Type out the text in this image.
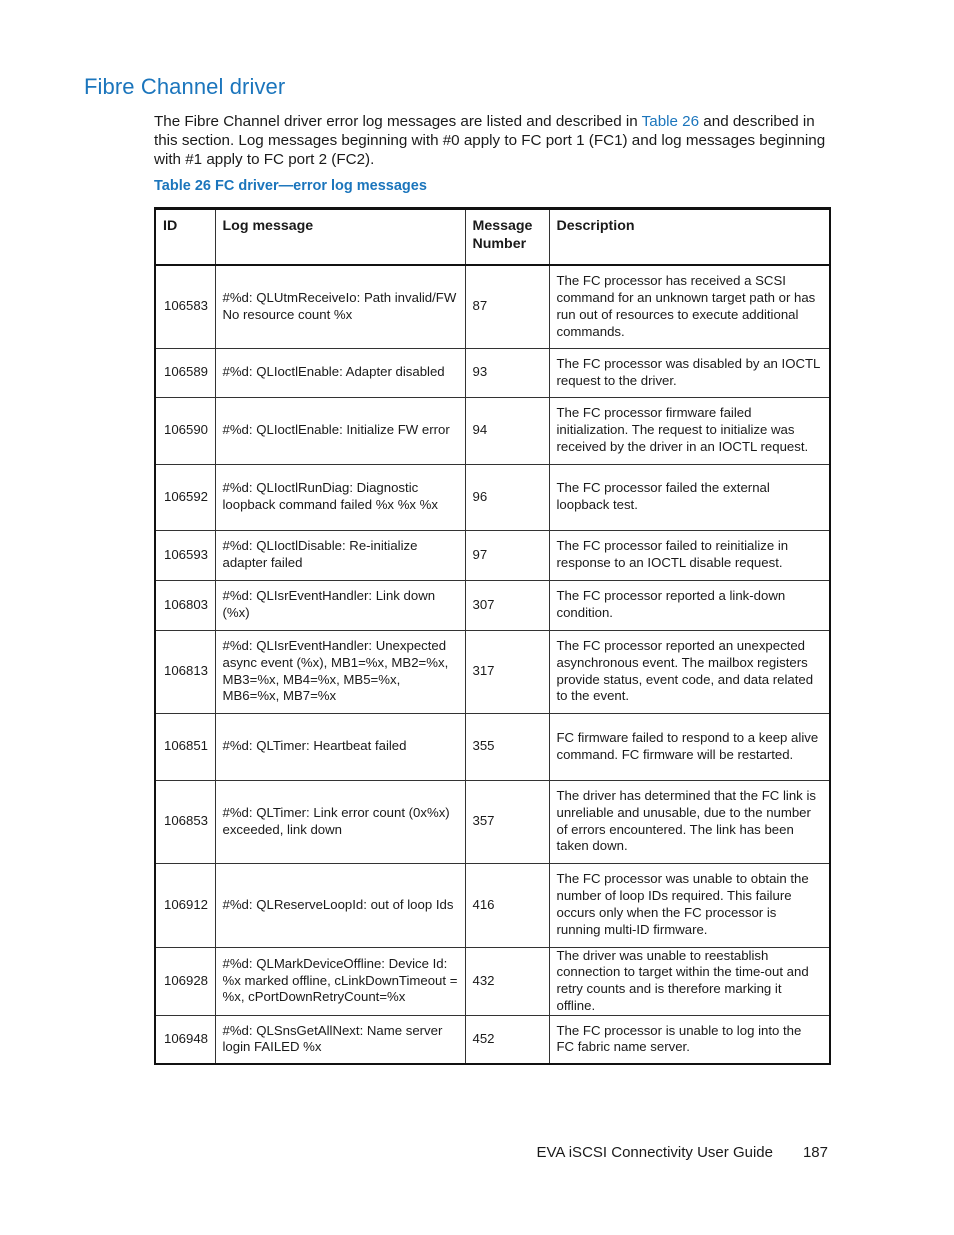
Fibre Channel driver

The Fibre Channel driver error log messages are listed and described in Table 26 and described in this section. Log messages beginning with #0 apply to FC port 1 (FC1) and log messages beginning with #1 apply to FC port 2 (FC2).

Table 26 FC driver—error log messages

ID	Log message	Message Number	Description
106583	#%d: QLUtmReceiveIo: Path invalid/FW No resource count %x	87	The FC processor has received a SCSI command for an unknown target path or has run out of resources to execute additional commands.
106589	#%d: QLIoctlEnable: Adapter disabled	93	The FC processor was disabled by an IOCTL request to the driver.
106590	#%d: QLIoctlEnable: Initialize FW error	94	The FC processor firmware failed initialization. The request to initialize was received by the driver in an IOCTL request.
106592	#%d: QLIoctlRunDiag: Diagnostic loopback command failed %x %x %x	96	The FC processor failed the external loopback test.
106593	#%d: QLIoctlDisable: Re-initialize adapter failed	97	The FC processor failed to reinitialize in response to an IOCTL disable request.
106803	#%d: QLIsrEventHandler: Link down (%x)	307	The FC processor reported a link-down condition.
106813	#%d: QLIsrEventHandler: Unexpected async event (%x), MB1=%x, MB2=%x, MB3=%x, MB4=%x, MB5=%x, MB6=%x, MB7=%x	317	The FC processor reported an unexpected asynchronous event. The mailbox registers provide status, event code, and data related to the event.
106851	#%d: QLTimer: Heartbeat failed	355	FC firmware failed to respond to a keep alive command. FC firmware will be restarted.
106853	#%d: QLTimer: Link error count (0x%x) exceeded, link down	357	The driver has determined that the FC link is unreliable and unusable, due to the number of errors encountered. The link has been taken down.
106912	#%d: QLReserveLoopId: out of loop Ids	416	The FC processor was unable to obtain the number of loop IDs required. This failure occurs only when the FC processor is running multi-ID firmware.
106928	#%d: QLMarkDeviceOffline: Device Id: %x marked offline, cLinkDownTimeout = %x, cPortDownRetryCount=%x	432	The driver was unable to reestablish connection to target within the time-out and retry counts and is therefore marking it offline.
106948	#%d: QLSnsGetAllNext: Name server login FAILED %x	452	The FC processor is unable to log into the FC fabric name server.
EVA iSCSI Connectivity User Guide 187
